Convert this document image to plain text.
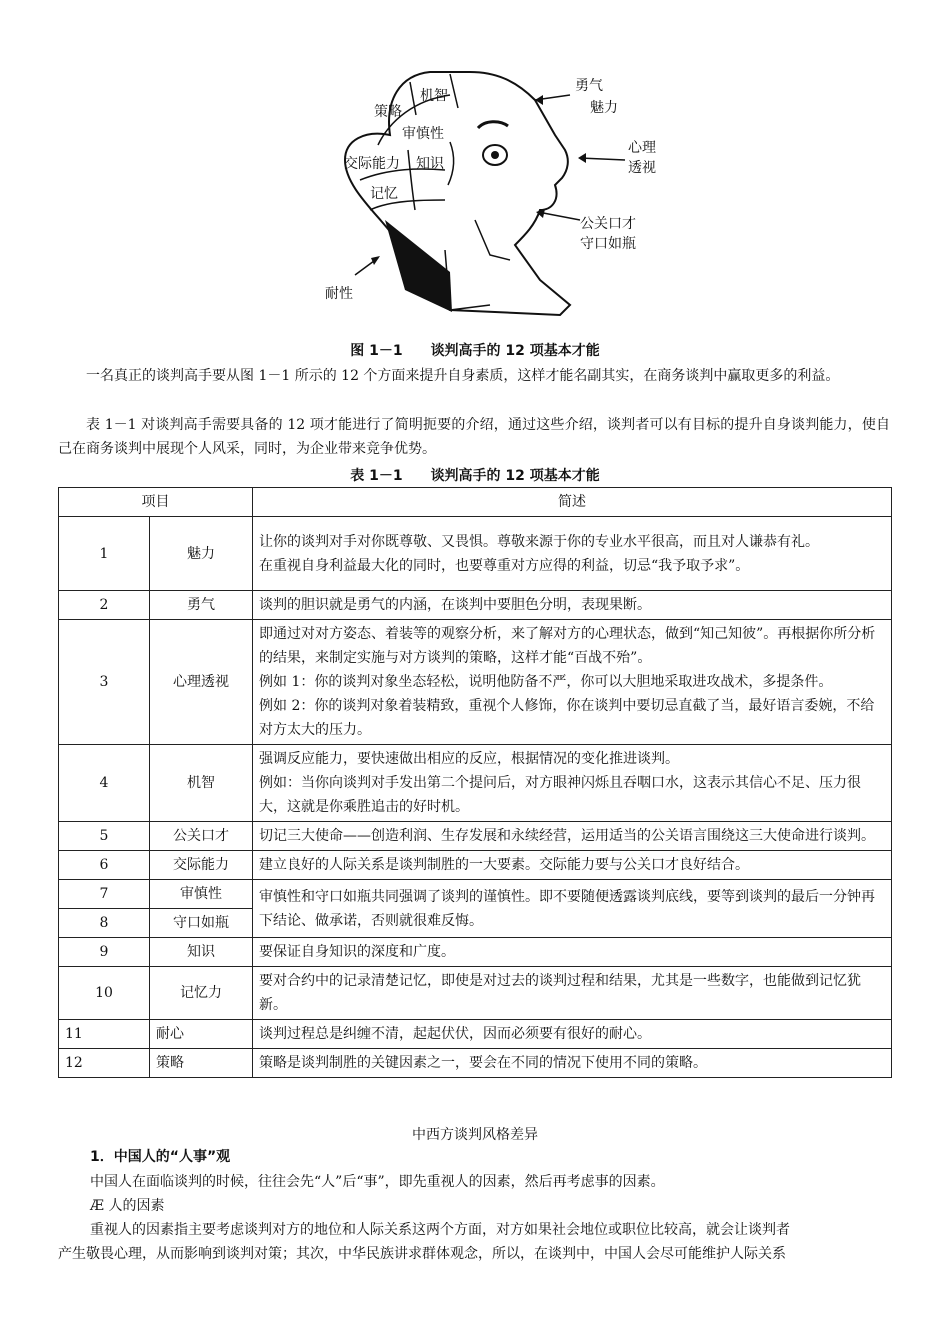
勇气
魅力
心理
透视
公关口才
守口如瓶
耐性
策略
机智
审慎性
交际能力 知识
记忆
图 1－1 谈判高手的 12 项基本才能
一名真正的谈判高手要从图 1－1 所示的 12 个方面来提升自身素质，这样才能名副其实，在商务谈判中赢取更多的利益。
表 1－1 对谈判高手需要具备的 12 项才能进行了简明扼要的介绍，通过这些介绍，谈判者可以有目标的提升自身谈判能力，使自己在商务谈判中展现个人风采，同时，为企业带来竞争优势。
表 1－1 谈判高手的 12 项基本才能
项目		简述
1	魅力	让你的谈判对手对你既尊敬、又畏惧。尊敬来源于你的专业水平很高，而且对人谦恭有礼。

在重视自身利益最大化的同时，也要尊重对方应得的利益，切忌“我予取予求”。

2	勇气	谈判的胆识就是勇气的内涵，在谈判中要胆色分明，表现果断。
3	心理透视	即通过对对方姿态、着装等的观察分析，来了解对方的心理状态，做到“知己知彼”。再根据你所分析的结果，来制定实施与对方谈判的策略，这样才能“百战不殆”。

例如 1：你的谈判对象坐态轻松，说明他防备不严，你可以大胆地采取进攻战术，多提条件。

例如 2：你的谈判对象着装精致，重视个人修饰，你在谈判中要切忌直截了当，最好语言委婉，不给对方太大的压力。

4	机智	强调反应能力，要快速做出相应的反应，根据情况的变化推进谈判。

例如：当你向谈判对手发出第二个提问后，对方眼神闪烁且吞咽口水，这表示其信心不足、压力很大，这就是你乘胜追击的好时机。

5	公关口才	切记三大使命——创造利润、生存发展和永续经营，运用适当的公关语言围绕这三大使命进行谈判。
6	交际能力	建立良好的人际关系是谈判制胜的一大要素。交际能力要与公关口才良好结合。
7	审慎性	审慎性和守口如瓶共同强调了谈判的谨慎性。即不要随便透露谈判底线，要等到谈判的最后一分钟再下结论、做承诺，否则就很难反悔。
8	守口如瓶	
9	知识	要保证自身知识的深度和广度。
10	记忆力	要对合约中的记录清楚记忆，即使是对过去的谈判过程和结果，尤其是一些数字，也能做到记忆犹新。
11	耐心	谈判过程总是纠缠不清，起起伏伏，因而必须要有很好的耐心。
12	策略	策略是谈判制胜的关键因素之一，要会在不同的情况下使用不同的策略。
中西方谈判风格差异
1．中国人的“人事”观
中国人在面临谈判的时候，往往会先“人”后“事”，即先重视人的因素，然后再考虑事的因素。
Æ 人的因素
重视人的因素指主要考虑谈判对方的地位和人际关系这两个方面，对方如果社会地位或职位比较高，就会让谈判者
产生敬畏心理，从而影响到谈判对策；其次，中华民族讲求群体观念，所以，在谈判中，中国人会尽可能维护人际关系
